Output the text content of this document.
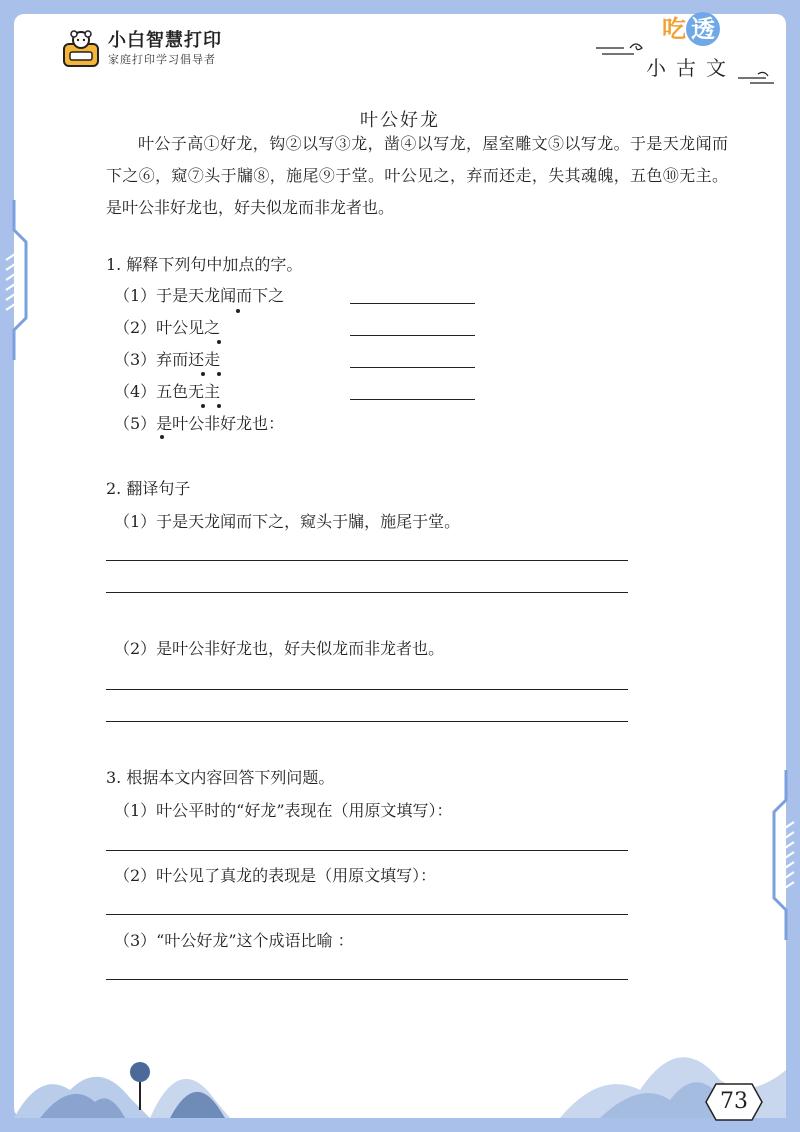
小白智慧打印
家庭打印学习倡导者
吃 透
小古文
叶公好龙

叶公子高①好龙，钩②以写③龙，凿④以写龙，屋室雕文⑤以写龙。于是天龙闻而下之⑥，窥⑦头于牖⑧，施尾⑨于堂。叶公见之，弃而还走，失其魂魄，五色⑩无主。是叶公非好龙也，好夫似龙而非龙者也。

1. 解释下列句中加点的字。
（1）于是天龙闻而下之
（2）叶公见之
（3）弃而还走
（4）五色无主
（5）是叶公非好龙也：
2. 翻译句子
（1）于是天龙闻而下之，窥头于牖，施尾于堂。
（2）是叶公非好龙也，好夫似龙而非龙者也。
3. 根据本文内容回答下列问题。
（1）叶公平时的“好龙”表现在（用原文填写）：
（2）叶公见了真龙的表现是（用原文填写）：
（3）“叶公好龙”这个成语比喻 ：
73
